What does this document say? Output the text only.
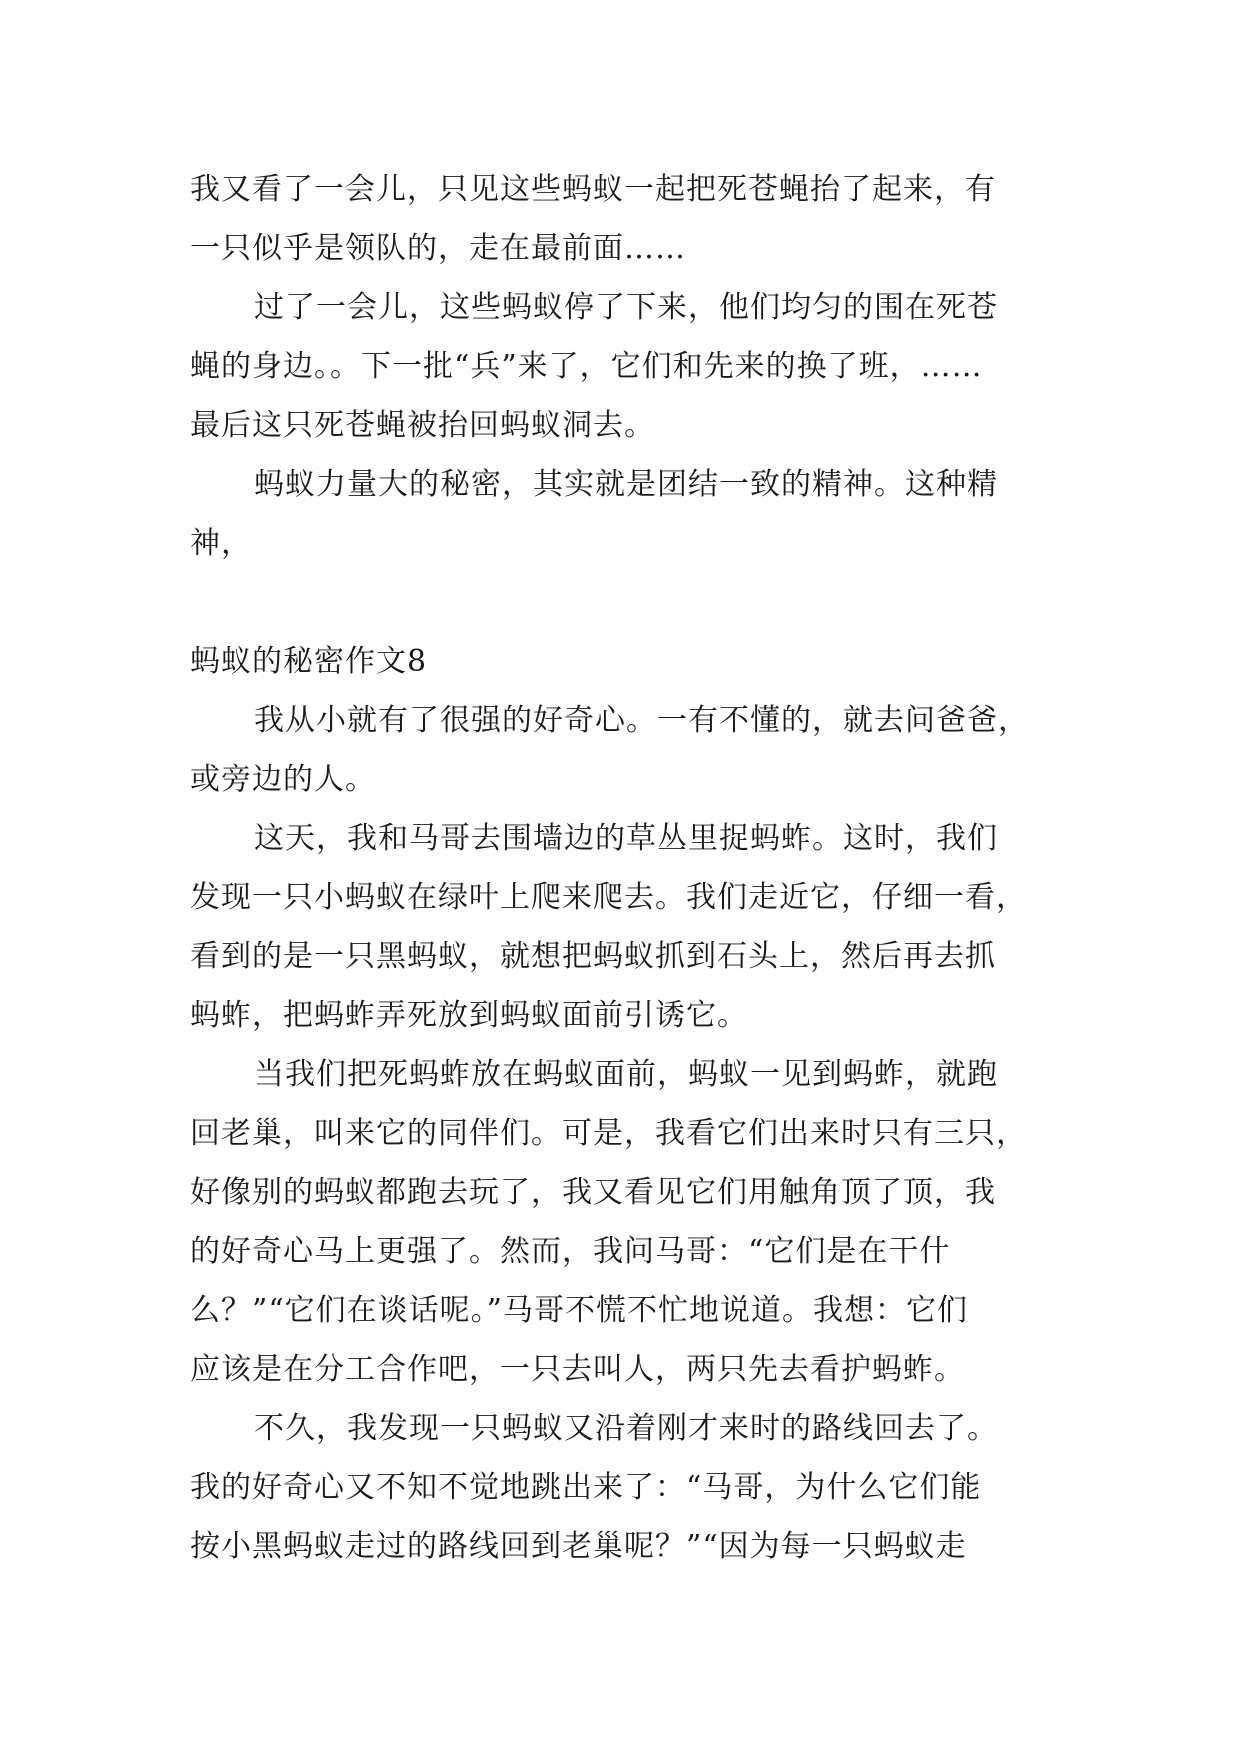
我又看了一会儿，只见这些蚂蚁一起把死苍蝇抬了起来，有
一只似乎是领队的，走在最前面……
过了一会儿，这些蚂蚁停了下来，他们均匀的围在死苍
蝇的身边。。下一批“兵”来了，它们和先来的换了班，……
最后这只死苍蝇被抬回蚂蚁洞去。
蚂蚁力量大的秘密，其实就是团结一致的精神。这种精
神，
蚂蚁的秘密作文8
我从小就有了很强的好奇心。一有不懂的，就去问爸爸，
或旁边的人。
这天，我和马哥去围墙边的草丛里捉蚂蚱。这时，我们
发现一只小蚂蚁在绿叶上爬来爬去。我们走近它，仔细一看，
看到的是一只黑蚂蚁，就想把蚂蚁抓到石头上，然后再去抓
蚂蚱，把蚂蚱弄死放到蚂蚁面前引诱它。
当我们把死蚂蚱放在蚂蚁面前，蚂蚁一见到蚂蚱，就跑
回老巢，叫来它的同伴们。可是，我看它们出来时只有三只，
好像别的蚂蚁都跑去玩了，我又看见它们用触角顶了顶，我
的好奇心马上更强了。然而，我问马哥：“它们是在干什
么？”“它们在谈话呢。”马哥不慌不忙地说道。我想：它们
应该是在分工合作吧，一只去叫人，两只先去看护蚂蚱。
不久，我发现一只蚂蚁又沿着刚才来时的路线回去了。
我的好奇心又不知不觉地跳出来了：“马哥，为什么它们能
按小黑蚂蚁走过的路线回到老巢呢？”“因为每一只蚂蚁走
